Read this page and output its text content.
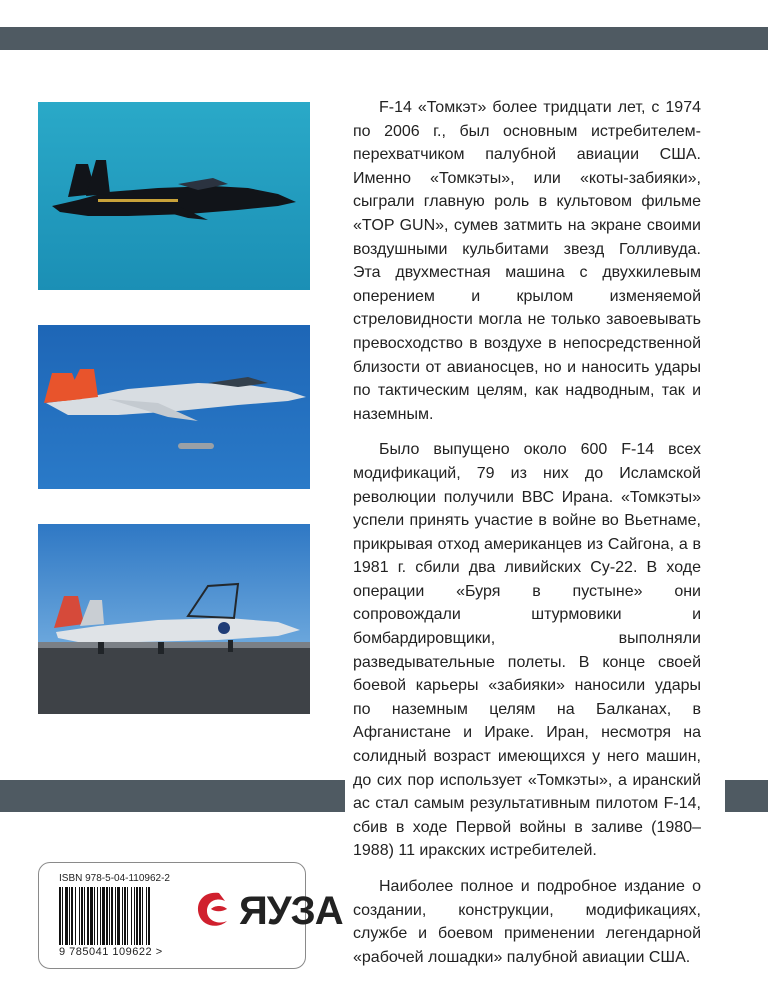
F-14 «Томкэт» более тридцати лет, с 1974 по 2006 г., был основным истребителем-перехватчиком палубной авиации США. Именно «Томкэты», или «коты-забияки», сыграли главную роль в культовом фильме «TOP GUN», сумев затмить на экране своими воздушными кульбитами звезд Голливуда. Эта двухместная машина с двухкилевым оперением и крылом изменяемой стреловидности могла не только завоевывать превосходство в воздухе в непосредственной близости от авианосцев, но и наносить удары по тактическим целям, как надводным, так и наземным.

Было выпущено около 600 F-14 всех модификаций, 79 из них до Исламской революции получили ВВС Ирана. «Томкэты» успели принять участие в войне во Вьетнаме, прикрывая отход американцев из Сайгона, а в 1981 г. сбили два ливийских Су-22. В ходе операции «Буря в пустыне» они сопровождали штурмовики и бомбардировщики, выполняли разведывательные полеты. В конце своей боевой карьеры «забияки» наносили удары по наземным целям на Балканах, в Афганистане и Ираке. Иран, несмотря на солидный возраст имеющихся у него машин, до сих пор использует «Томкэты», а иранский ас стал самым результативным пилотом F-14, сбив в ходе Первой войны в заливе (1980–1988) 11 иракских истребителей.

Наиболее полное и подробное издание о создании, конструкции, модификациях, службе и боевом применении легендарной «рабочей лошадки» палубной авиации США.

ISBN 978-5-04-110962-2
9 785041 109622 >
ЯУЗА
